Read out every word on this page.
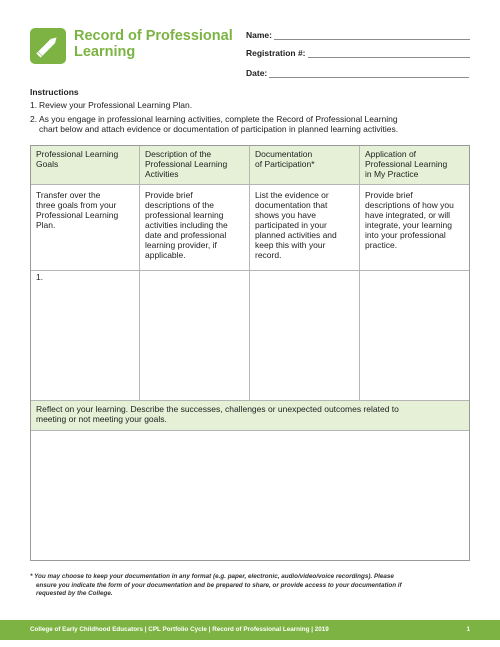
Record of Professional
Learning
Name:
Registration #:
Date:
Instructions
1. Review your Professional Learning Plan.
2. As you engage in professional learning activities, complete the Record of Professional Learning
chart below and attach evidence or documentation of participation in planned learning activities.
Professional Learning
Goals
Description of the
Professional Learning
Activities
Documentation
of Participation*
Application of
Professional Learning
in My Practice
Transfer over the
three goals from your
Professional Learning
Plan.
1.
Provide brief
descriptions of the
professional learning
activities including the
date and professional
learning provider, if
applicable.
List the evidence or
documentation that
shows you have
participated in your
planned activities and
keep this with your
record.
Provide brief
descriptions of how you
have integrated, or will
integrate, your learning
into your professional
practice.
Reflect on your learning. Describe the successes, challenges or unexpected outcomes related to
meeting or not meeting your goals.
* You may choose to keep your documentation in any format (e.g. paper, electronic, audio/video/voice recordings). Please
ensure you indicate the form of your documentation and be prepared to share, or provide access to your documentation if
requested by the College.
College of Early Childhood Educators | CPL Portfolio Cycle | Record of Professional Learning | 2019	1
